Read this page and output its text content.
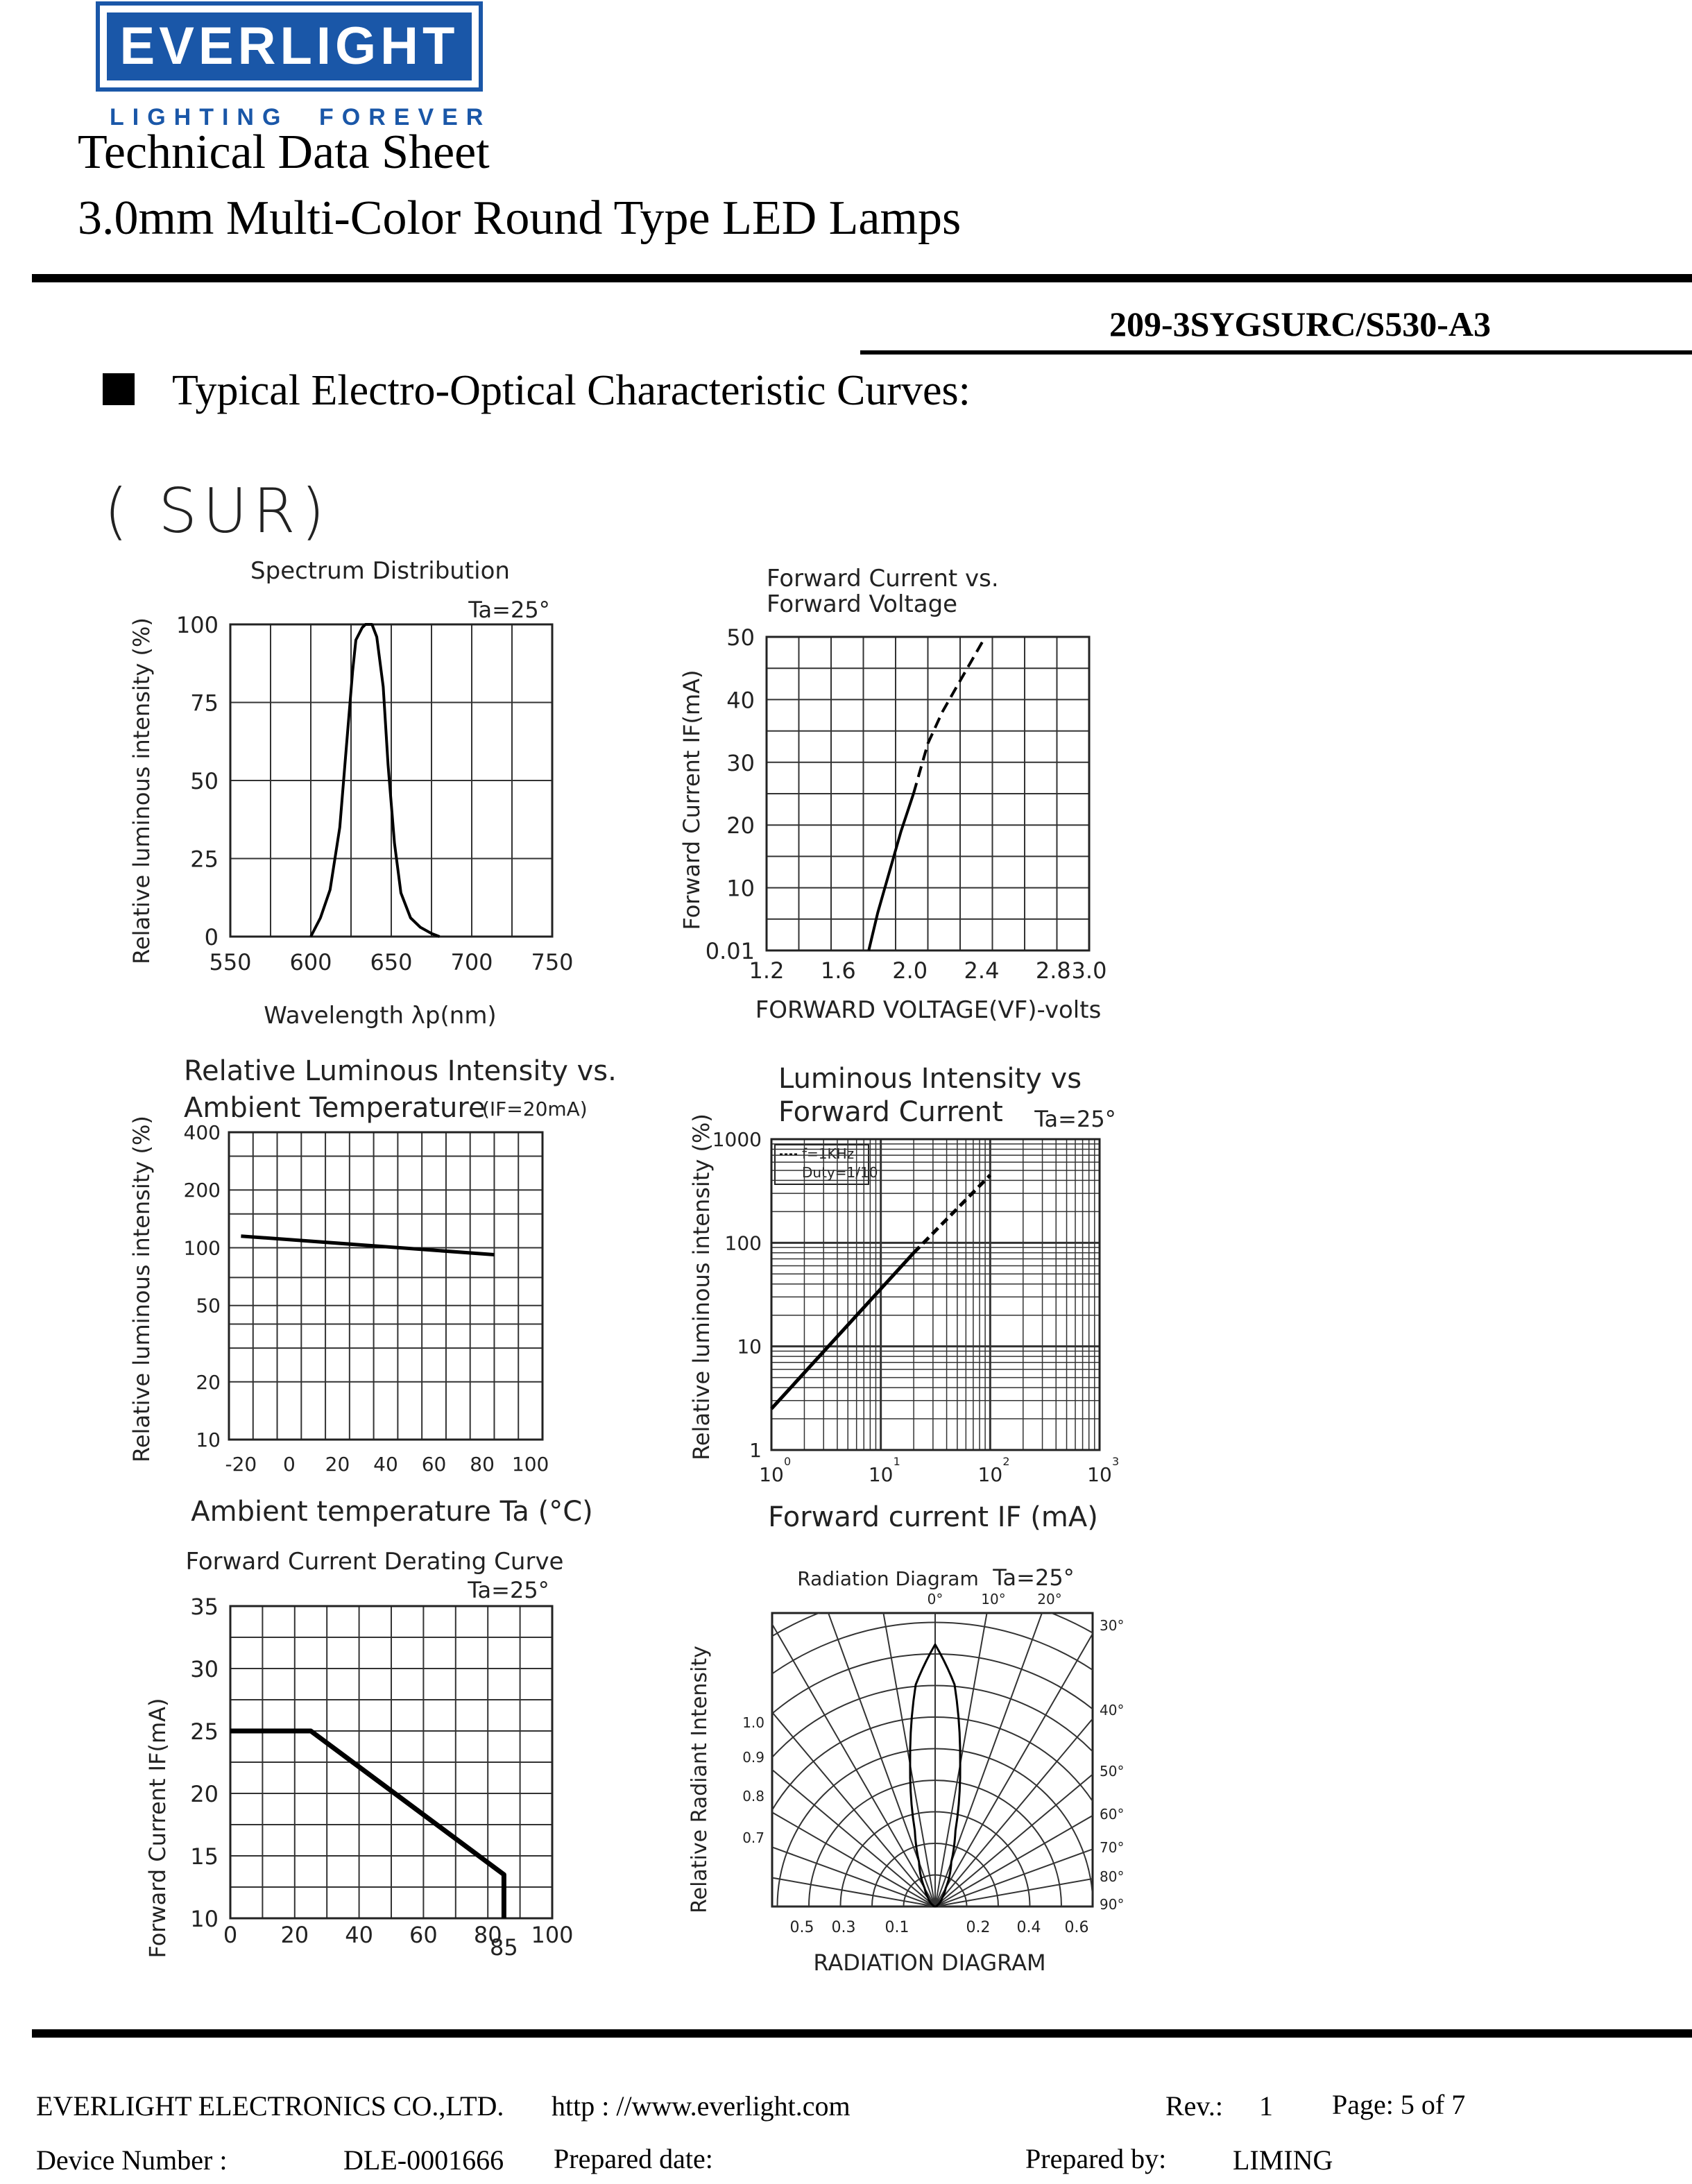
EVERLIGHT
LIGHTING FOREVER
Technical Data Sheet
3.0mm Multi-Color Round Type LED Lamps
209-3SYGSURC/S530-A3
Typical Electro-Optical Characteristic Curves:
( SUR)
Spectrum Distribution
Ta=25°
Wavelength λp(nm)
Relative luminous intensity (%)
Forward Current vs.
Forward Voltage
FORWARD VOLTAGE(VF)-volts
Forward Current IF(mA)
Relative Luminous Intensity vs.
Ambient Temperature
(IF=20mA)
Ambient temperature Ta (°C)
Relative luminous intensity (%)
Luminous Intensity vs
Forward Current Ta=25°
Forward current IF (mA)
Relative luminous intensity (%)	f=1KHz
Duty=1/10
Forward Current Derating Curve
Ta=25°
Forward Current IF(mA)
Radiation Diagram Ta=25°
RADIATION DIAGRAM
Relative Radiant Intensity
550 600 650 700 750
0
25
50
75
100
1.2 1.6 2.0 2.4 2.8 3.0
0.01
10
20
30
40
50
-20 0 20 40 60 80 100
10
20
50
100
200
400
10
0
10
1
10
2
10
3
1
10
100
1000
0 20 40 60 80
85 100
10
15
20
25
30
35	0°	10° 20°
30°
40°
50°
60°
70°
80°
90°
1.0
0.9
0.8
0.7
0.5 0.3 0.1	0.2 0.4 0.6
EVERLIGHT ELECTRONICS CO.,LTD. http : //www.everlight.com	Rev.: 1 Page: 5 of 7
Device Number :	DLE-0001666 Prepared date:	Prepared by: LIMING
